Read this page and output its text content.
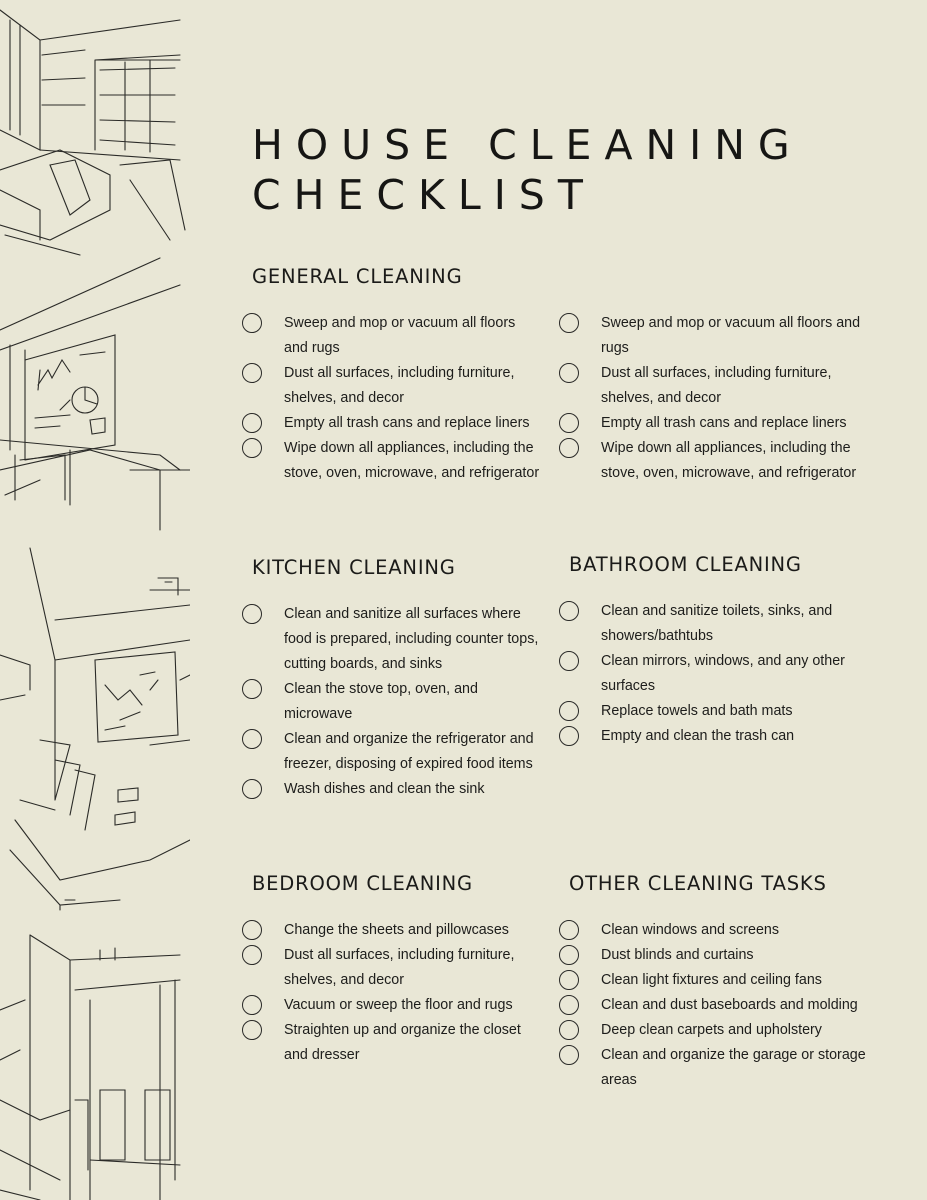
HOUSE CLEANING
CHECKLIST
GENERAL CLEANING
Sweep and mop or vacuum all floors and rugs
Dust all surfaces, including furniture, shelves, and decor
Empty all trash cans and replace liners
Wipe down all appliances, including the stove, oven, microwave, and refrigerator
Sweep and mop or vacuum all floors and rugs
Dust all surfaces, including furniture, shelves, and decor
Empty all trash cans and replace liners
Wipe down all appliances, including the stove, oven, microwave, and refrigerator
KITCHEN CLEANING
Clean and sanitize all surfaces where food is prepared, including counter tops, cutting boards, and sinks
Clean the stove top, oven, and microwave
Clean and organize the refrigerator and freezer, disposing of expired food items
Wash dishes and clean the sink
BATHROOM CLEANING
Clean and sanitize toilets, sinks, and showers/bathtubs
Clean mirrors, windows, and any other surfaces
Replace towels and bath mats
Empty and clean the trash can
BEDROOM CLEANING
Change the sheets and pillowcases
Dust all surfaces, including furniture, shelves, and decor
Vacuum or sweep the floor and rugs
Straighten up and organize the closet and dresser
OTHER CLEANING TASKS
Clean windows and screens
Dust blinds and curtains
Clean light fixtures and ceiling fans
Clean and dust baseboards and molding
Deep clean carpets and upholstery
Clean and organize the garage or storage areas
